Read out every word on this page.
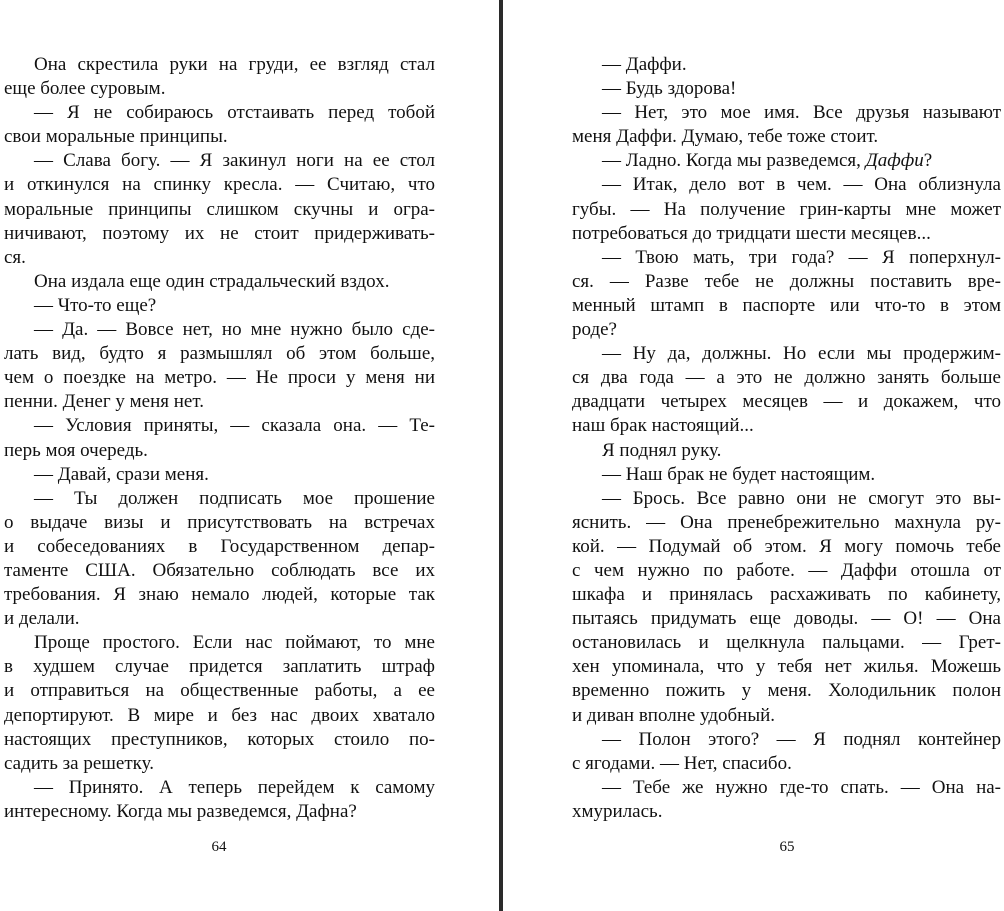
Она скрестила руки на груди, ее взгляд стал
еще более суровым.
— Я не собираюсь отстаивать перед тобой
свои моральные принципы.
— Слава богу. — Я закинул ноги на ее стол
и откинулся на спинку кресла. — Считаю, что
моральные принципы слишком скучны и огра-
ничивают, поэтому их не стоит придерживать-
ся.
Она издала еще один страдальческий вздох.
— Что-то еще?
— Да. — Вовсе нет, но мне нужно было сде-
лать вид, будто я размышлял об этом больше,
чем о поездке на метро. — Не проси у меня ни
пенни. Денег у меня нет.
— Условия приняты, — сказала она. — Те-
перь моя очередь.
— Давай, срази меня.
— Ты должен подписать мое прошение
о выдаче визы и присутствовать на встречах
и собеседованиях в Государственном депар-
таменте США. Обязательно соблюдать все их
требования. Я знаю немало людей, которые так
и делали.
Проще простого. Если нас поймают, то мне
в худшем случае придется заплатить штраф
и отправиться на общественные работы, а ее
депортируют. В мире и без нас двоих хватало
настоящих преступников, которых стоило по-
садить за решетку.
— Принято. А теперь перейдем к самому
интересному. Когда мы разведемся, Дафна?
— Даффи.
— Будь здорова!
— Нет, это мое имя. Все друзья называют
меня Даффи. Думаю, тебе тоже стоит.
— Ладно. Когда мы разведемся, Даффи?
— Итак, дело вот в чем. — Она облизнула
губы. — На получение грин-карты мне может
потребоваться до тридцати шести месяцев...
— Твою мать, три года? — Я поперхнул-
ся. — Разве тебе не должны поставить вре-
менный штамп в паспорте или что-то в этом
роде?
— Ну да, должны. Но если мы продержим-
ся два года — а это не должно занять больше
двадцати четырех месяцев — и докажем, что
наш брак настоящий...
Я поднял руку.
— Наш брак не будет настоящим.
— Брось. Все равно они не смогут это вы-
яснить. — Она пренебрежительно махнула ру-
кой. — Подумай об этом. Я могу помочь тебе
с чем нужно по работе. — Даффи отошла от
шкафа и принялась расхаживать по кабинету,
пытаясь придумать еще доводы. — О! — Она
остановилась и щелкнула пальцами. — Грет-
хен упоминала, что у тебя нет жилья. Можешь
временно пожить у меня. Холодильник полон
и диван вполне удобный.
— Полон этого? — Я поднял контейнер
с ягодами. — Нет, спасибо.
— Тебе же нужно где-то спать. — Она на-
хмурилась.
64	65
